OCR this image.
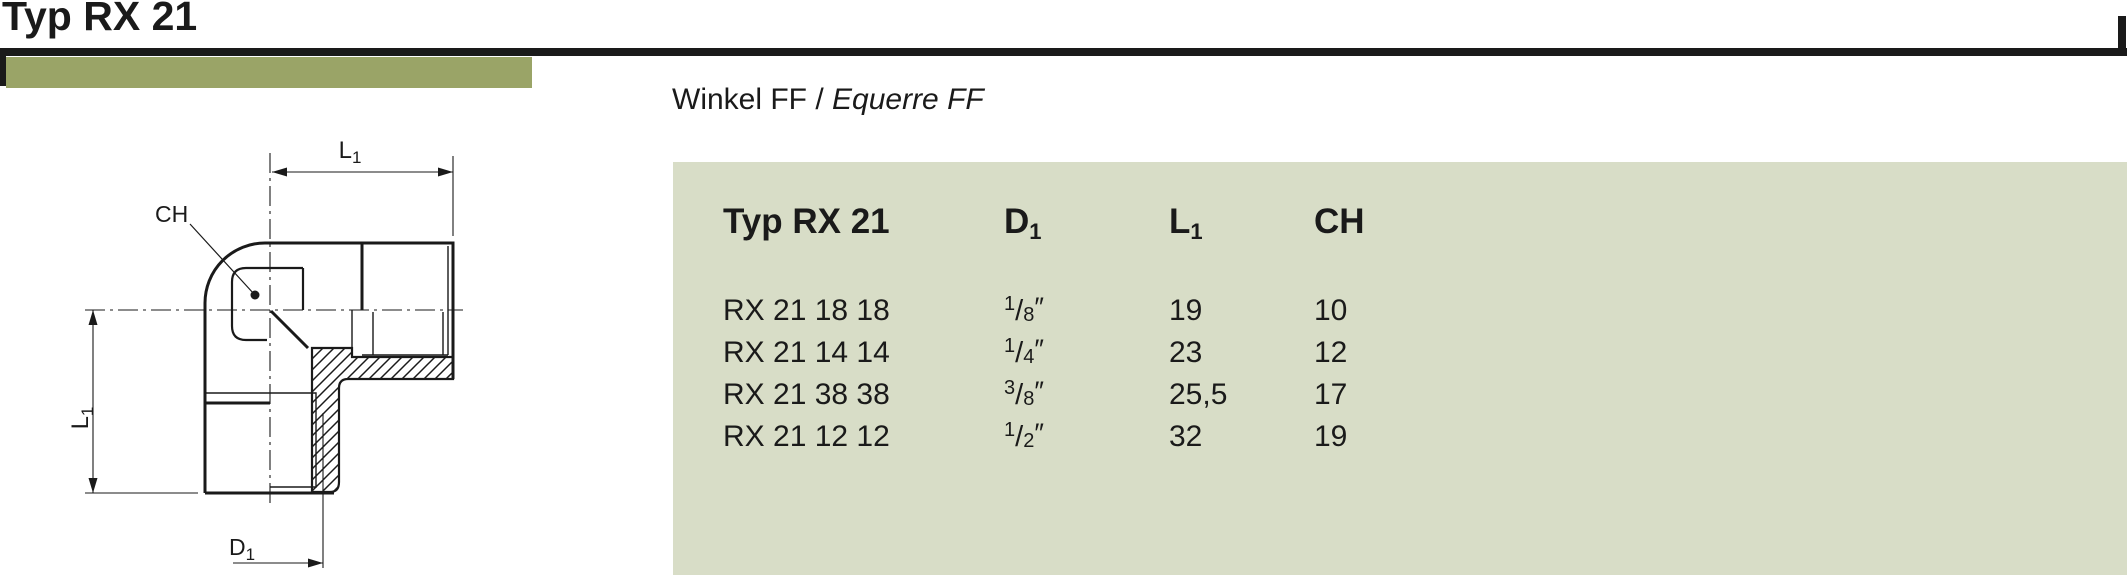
Typ RX 21
Winkel FF / Equerre FF
CH
$L_1$
$L_1$
$D_1$
Typ RX 21	$D_1$	$L_1$	CH
RX 21 18 18	$^1$/8″	19	10
RX 21 14 14	$^1$/4″	23	12
RX 21 38 38	$^3$/8″	25,5	17
RX 21 12 12	$^1$/2″	32	19
